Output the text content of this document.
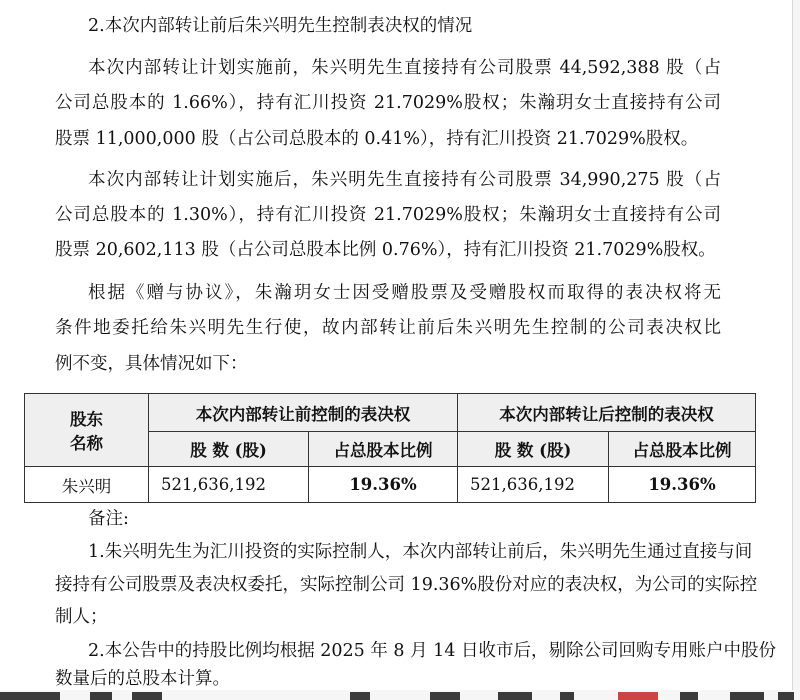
2.本次内部转让前后朱兴明先生控制表决权的情况
本次内部转让计划实施前，朱兴明先生直接持有公司股票 44,592,388 股（占
公司总股本的 1.66%），持有汇川投资 21.7029%股权；朱瀚玥女士直接持有公司
股票 11,000,000 股（占公司总股本的 0.41%），持有汇川投资 21.7029%股权。
本次内部转让计划实施后，朱兴明先生直接持有公司股票 34,990,275 股（占
公司总股本的 1.30%），持有汇川投资 21.7029%股权；朱瀚玥女士直接持有公司
股票 20,602,113 股（占公司总股本比例 0.76%），持有汇川投资 21.7029%股权。
根据《赠与协议》，朱瀚玥女士因受赠股票及受赠股权而取得的表决权将无
条件地委托给朱兴明先生行使，故内部转让前后朱兴明先生控制的公司表决权比
例不变，具体情况如下：
股东
名称	本次内部转让前控制的表决权		本次内部转让后控制的表决权	
	股 数 (股)	占总股本比例	股 数 (股)	占总股本比例
朱兴明	521,636,192	19.36%	521,636,192	19.36%
备注:
1.朱兴明先生为汇川投资的实际控制人，本次内部转让前后，朱兴明先生通过直接与间
接持有公司股票及表决权委托，实际控制公司 19.36%股份对应的表决权，为公司的实际控
制人；
2.本公告中的持股比例均根据 2025 年 8 月 14 日收市后，剔除公司回购专用账户中股份
数量后的总股本计算。
